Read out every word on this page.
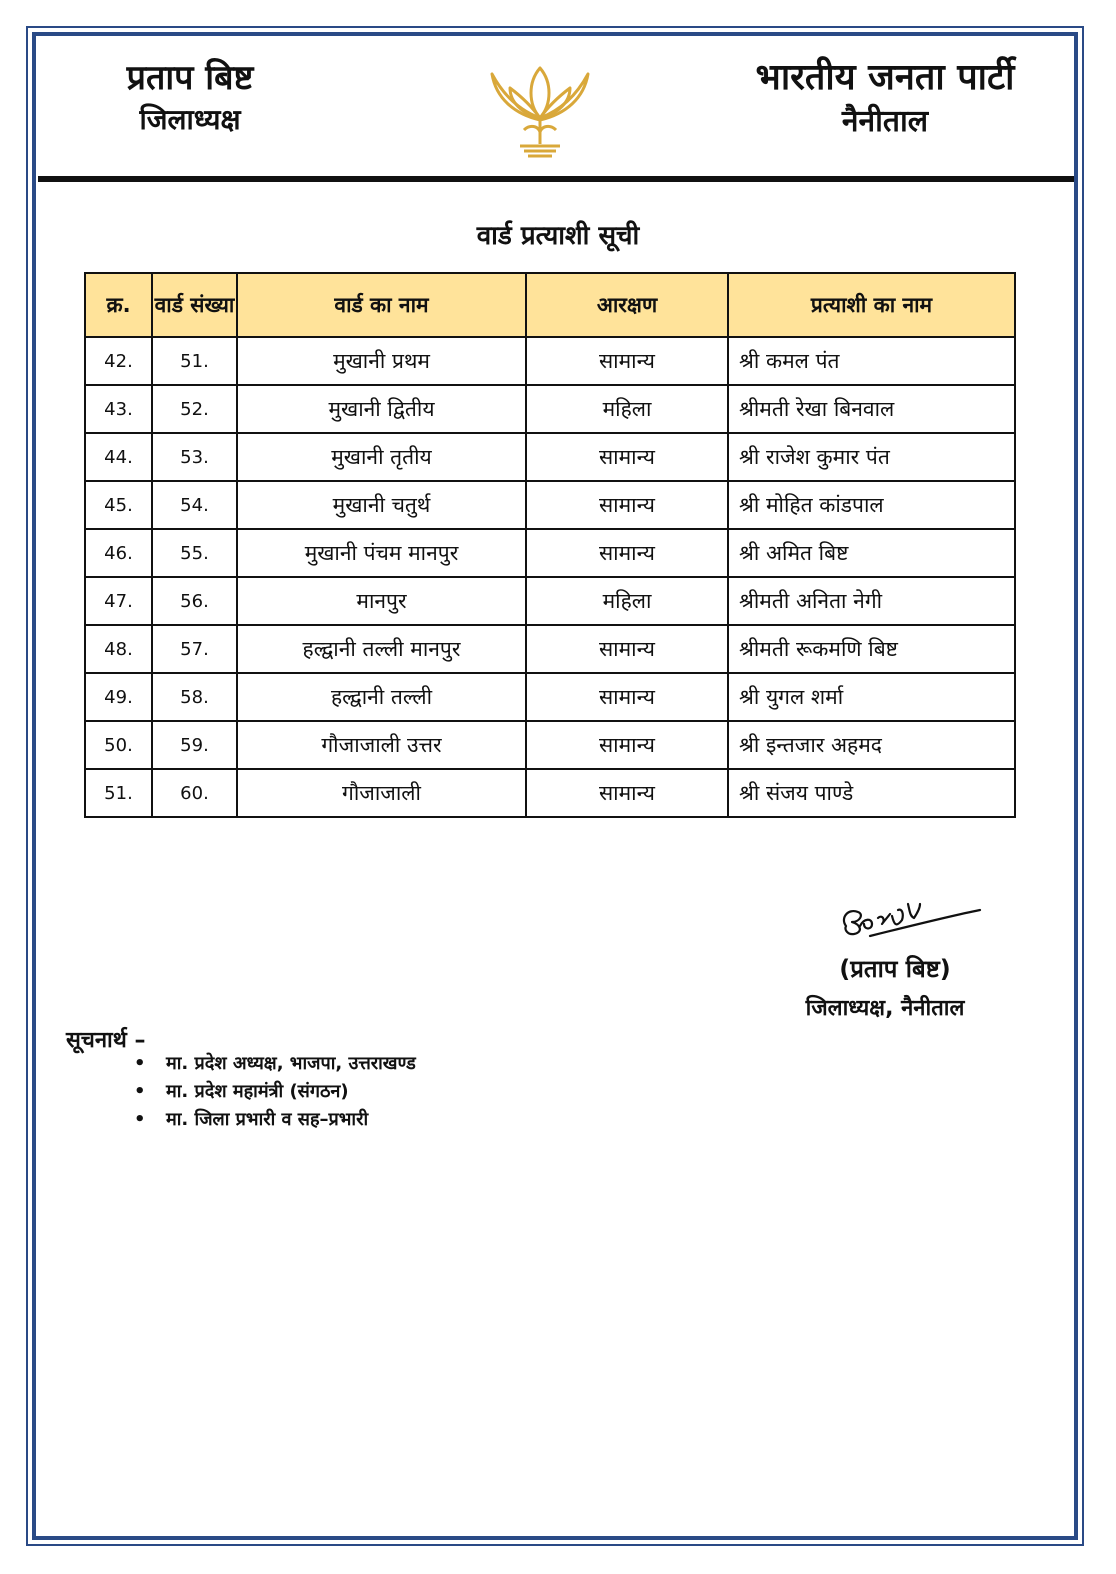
प्रताप बिष्ट
जिलाध्यक्ष
भारतीय जनता पार्टी
नैनीताल
वार्ड प्रत्याशी सूची
क्र.	वार्ड संख्या	वार्ड का नाम	आरक्षण	प्रत्याशी का नाम
42.	51.	मुखानी प्रथम	सामान्य	श्री कमल पंत
43.	52.	मुखानी द्वितीय	महिला	श्रीमती रेखा बिनवाल
44.	53.	मुखानी तृतीय	सामान्य	श्री राजेश कुमार पंत
45.	54.	मुखानी चतुर्थ	सामान्य	श्री मोहित कांडपाल
46.	55.	मुखानी पंचम मानपुर	सामान्य	श्री अमित बिष्ट
47.	56.	मानपुर	महिला	श्रीमती अनिता नेगी
48.	57.	हल्द्वानी तल्ली मानपुर	सामान्य	श्रीमती रूकमणि बिष्ट
49.	58.	हल्द्वानी तल्ली	सामान्य	श्री युगल शर्मा
50.	59.	गौजाजाली उत्तर	सामान्य	श्री इन्तजार अहमद
51.	60.	गौजाजाली	सामान्य	श्री संजय पाण्डे
(प्रताप बिष्ट)
जिलाध्यक्ष, नैनीताल
सूचनार्थ –
• मा. प्रदेश अध्यक्ष, भाजपा, उत्तराखण्ड
• मा. प्रदेश महामंत्री (संगठन)
• मा. जिला प्रभारी व सह–प्रभारी
